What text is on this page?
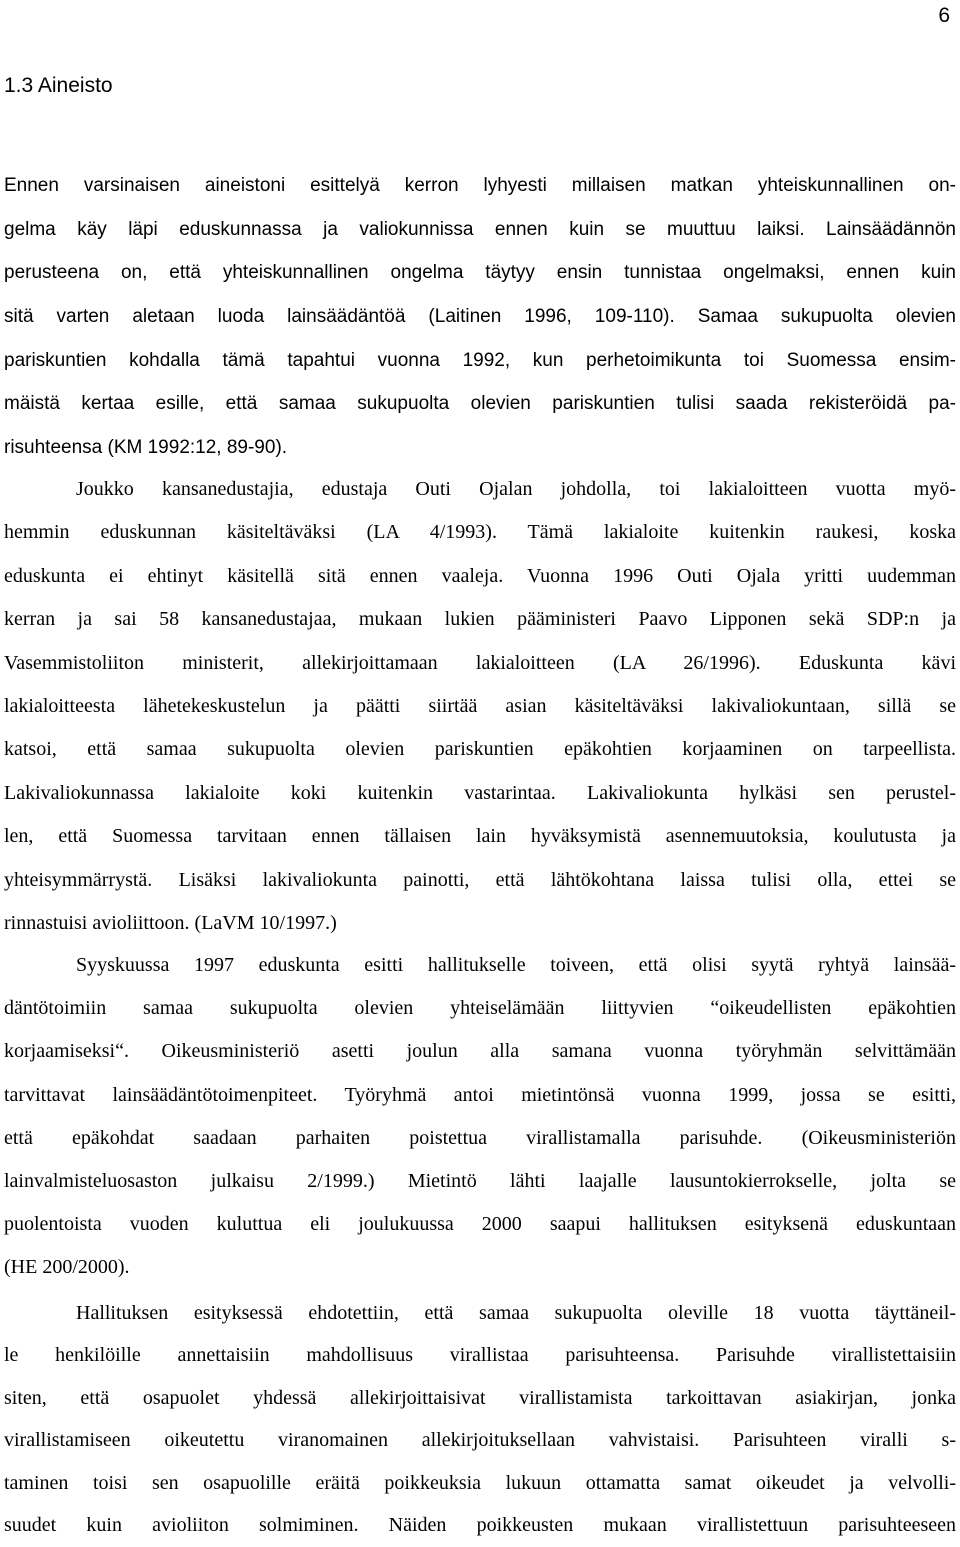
6
1.3 Aineisto
Ennen varsinaisen aineistoni esittelyä kerron lyhyesti millaisen matkan yhteiskunnallinen on-
gelma käy läpi eduskunnassa ja valiokunnissa ennen kuin se muuttuu laiksi. Lainsäädännön
perusteena on, että yhteiskunnallinen ongelma täytyy ensin tunnistaa ongelmaksi, ennen kuin
sitä varten aletaan luoda lainsäädäntöä (Laitinen 1996, 109-110). Samaa sukupuolta olevien
pariskuntien kohdalla tämä tapahtui vuonna 1992, kun perhetoimikunta toi Suomessa ensim-
mäistä kertaa esille, että samaa sukupuolta olevien pariskuntien tulisi saada rekisteröidä pa-
risuhteensa (KM 1992:12, 89-90).
Joukko kansanedustajia, edustaja Outi Ojalan johdolla, toi lakialoitteen vuotta myö-
hemmin eduskunnan käsiteltäväksi (LA 4/1993). Tämä lakialoite kuitenkin raukesi, koska
eduskunta ei ehtinyt käsitellä sitä ennen vaaleja. Vuonna 1996 Outi Ojala yritti uudemman
kerran ja sai 58 kansanedustajaa, mukaan lukien pääministeri Paavo Lipponen sekä SDP:n ja
Vasemmistoliiton ministerit, allekirjoittamaan lakialoitteen (LA 26/1996). Eduskunta kävi
lakialoitteesta lähetekeskustelun ja päätti siirtää asian käsiteltäväksi lakivaliokuntaan, sillä se
katsoi, että samaa sukupuolta olevien pariskuntien epäkohtien korjaaminen on tarpeellista.
Lakivaliokunnassa lakialoite koki kuitenkin vastarintaa. Lakivaliokunta hylkäsi sen perustel-
len, että Suomessa tarvitaan ennen tällaisen lain hyväksymistä asennemuutoksia, koulutusta ja
yhteisymmärrystä. Lisäksi lakivaliokunta painotti, että lähtökohtana laissa tulisi olla, ettei se
rinnastuisi avioliittoon. (LaVM 10/1997.)
Syyskuussa 1997 eduskunta esitti hallitukselle toiveen, että olisi syytä ryhtyä lainsää-
däntötoimiin samaa sukupuolta olevien yhteiselämään liittyvien “oikeudellisten epäkohtien
korjaamiseksi“. Oikeusministeriö asetti joulun alla samana vuonna työryhmän selvittämään
tarvittavat lainsäädäntötoimenpiteet. Työryhmä antoi mietintönsä vuonna 1999, jossa se esitti,
että epäkohdat saadaan parhaiten poistettua virallistamalla parisuhde. (Oikeusministeriön
lainvalmisteluosaston julkaisu 2/1999.) Mietintö lähti laajalle lausuntokierrokselle, jolta se
puolentoista vuoden kuluttua eli joulukuussa 2000 saapui hallituksen esityksenä eduskuntaan
(HE 200/2000).
Hallituksen esityksessä ehdotettiin, että samaa sukupuolta oleville 18 vuotta täyttäneil-
le henkilöille annettaisiin mahdollisuus virallistaa parisuhteensa. Parisuhde virallistettaisiin
siten, että osapuolet yhdessä allekirjoittaisivat virallistamista tarkoittavan asiakirjan, jonka
virallistamiseen oikeutettu viranomainen allekirjoituksellaan vahvistaisi. Parisuhteen viralli s-
taminen toisi sen osapuolille eräitä poikkeuksia lukuun ottamatta samat oikeudet ja velvolli-
suudet kuin avioliiton solmiminen. Näiden poikkeusten mukaan virallistettuun parisuhteeseen
